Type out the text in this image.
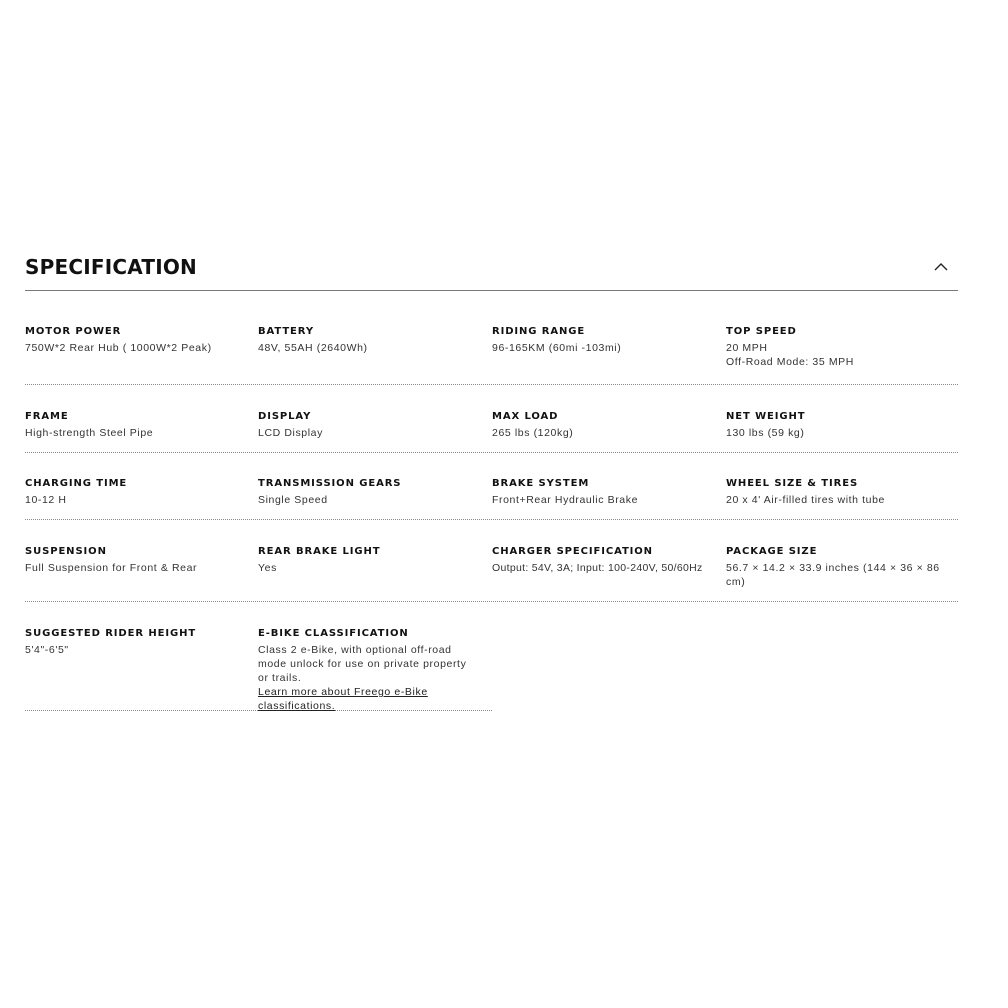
SPECIFICATION
MOTOR POWER
750W*2 Rear Hub ( 1000W*2 Peak)
BATTERY
48V, 55AH (2640Wh)
RIDING RANGE
96-165KM (60mi -103mi)
TOP SPEED
20 MPH
Off-Road Mode: 35 MPH
FRAME
High-strength Steel Pipe
DISPLAY
LCD Display
MAX LOAD
265 lbs (120kg)
NET WEIGHT
130 lbs (59 kg)
CHARGING TIME
10-12 H
TRANSMISSION GEARS
Single Speed
BRAKE SYSTEM
Front+Rear Hydraulic Brake
WHEEL SIZE & TIRES
20 x 4' Air-filled tires with tube
SUSPENSION
Full Suspension for Front & Rear
REAR BRAKE LIGHT
Yes
CHARGER SPECIFICATION
Output: 54V, 3A; Input: 100-240V, 50/60Hz
PACKAGE SIZE
56.7 × 14.2 × 33.9 inches (144 × 36 × 86 cm)
SUGGESTED RIDER HEIGHT
5'4"-6'5"
E-BIKE CLASSIFICATION
Class 2 e-Bike, with optional off-road mode unlock for use on private property or trails.
Learn more about Freego e-Bike classifications.
